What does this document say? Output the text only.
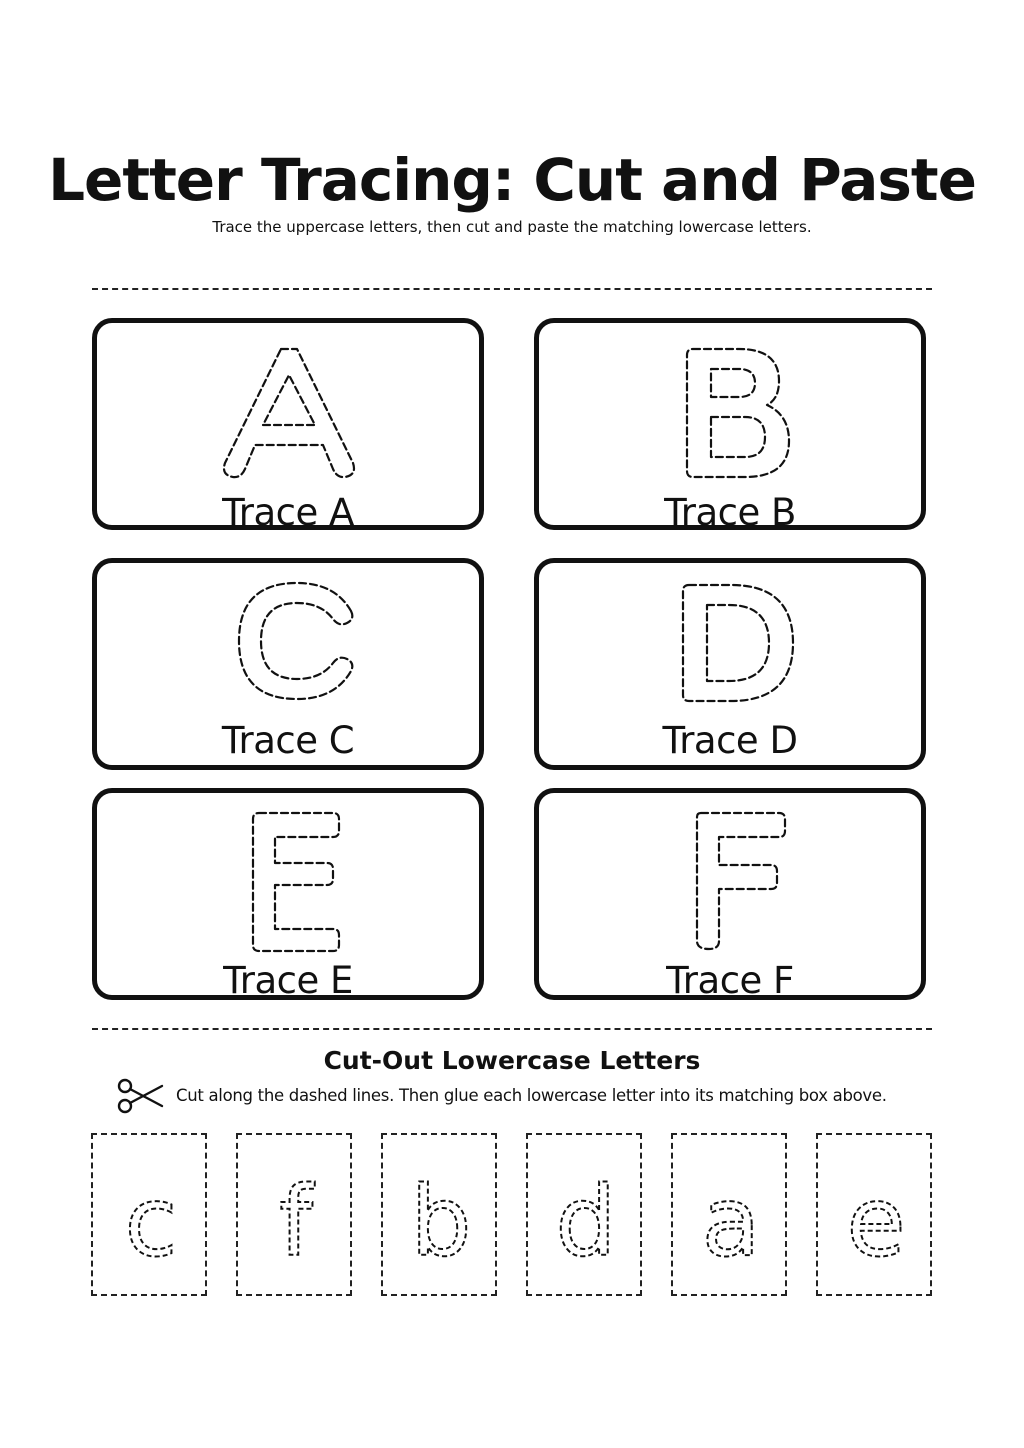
Letter Tracing: Cut and Paste
Trace the uppercase letters, then cut and paste the matching lowercase letters.
Trace A	Trace B
Trace C	Trace D
Trace E	Trace F
Cut-Out Lowercase Letters
Cut along the dashed lines. Then glue each lowercase letter into its matching box above.
c f b d a e
